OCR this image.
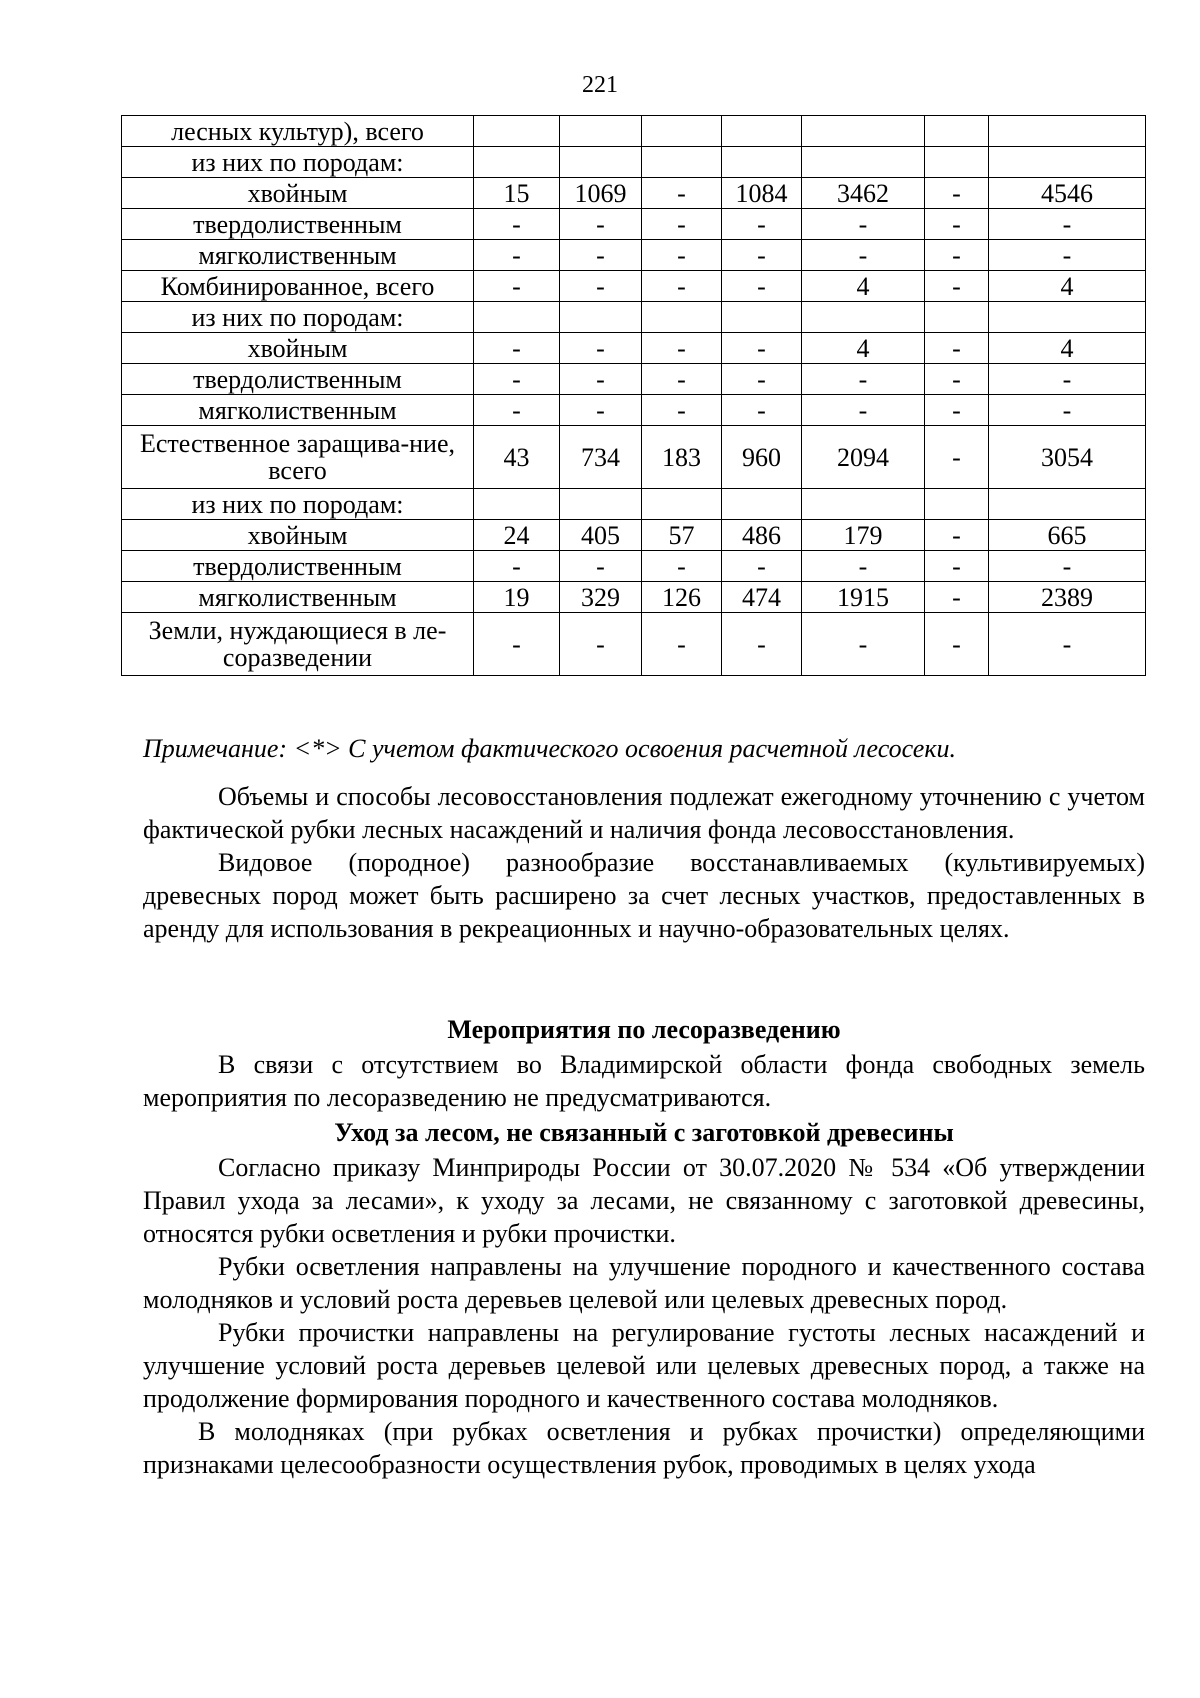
221
лесных культур), всего							
из них по породам:							
хвойным	15	1069	-	1084	3462	-	4546
твердолиственным	-	-	-	-	-	-	-
мягколиственным	-	-	-	-	-	-	-
Комбинированное, всего	-	-	-	-	4	-	4
из них по породам:							
хвойным	-	-	-	-	4	-	4
твердолиственным	-	-	-	-	-	-	-
мягколиственным	-	-	-	-	-	-	-
Естественное заращива-ние, всего	43	734	183	960	2094	-	3054
из них по породам:							
хвойным	24	405	57	486	179	-	665
твердолиственным	-	-	-	-	-	-	-
мягколиственным	19	329	126	474	1915	-	2389
Земли, нуждающиеся в ле-соразведении	-	-	-	-	-	-	-
Примечание: <*> С учетом фактического освоения расчетной лесосеки.

Объемы и способы лесовосстановления подлежат ежегодному уточнению с учетом фактической рубки лесных насаждений и наличия фонда лесовосстановления.

Видовое (породное) разнообразие восстанавливаемых (культивируемых) древесных пород может быть расширено за счет лесных участков, предоставленных в аренду для использования в рекреационных и научно-образовательных целях.

Мероприятия по лесоразведению

В связи с отсутствием во Владимирской области фонда свободных земель мероприятия по лесоразведению не предусматриваются.

Уход за лесом, не связанный с заготовкой древесины

Согласно приказу Минприроды России от 30.07.2020 № 534 «Об утверждении Правил ухода за лесами», к уходу за лесами, не связанному с заготовкой древесины, относятся рубки осветления и рубки прочистки.

Рубки осветления направлены на улучшение породного и качественного состава молодняков и условий роста деревьев целевой или целевых древесных пород.

Рубки прочистки направлены на регулирование густоты лесных насаждений и улучшение условий роста деревьев целевой или целевых древесных пород, а также на продолжение формирования породного и качественного состава молодняков.

В молодняках (при рубках осветления и рубках прочистки) определяющими признаками целесообразности осуществления рубок, проводимых в целях ухода
